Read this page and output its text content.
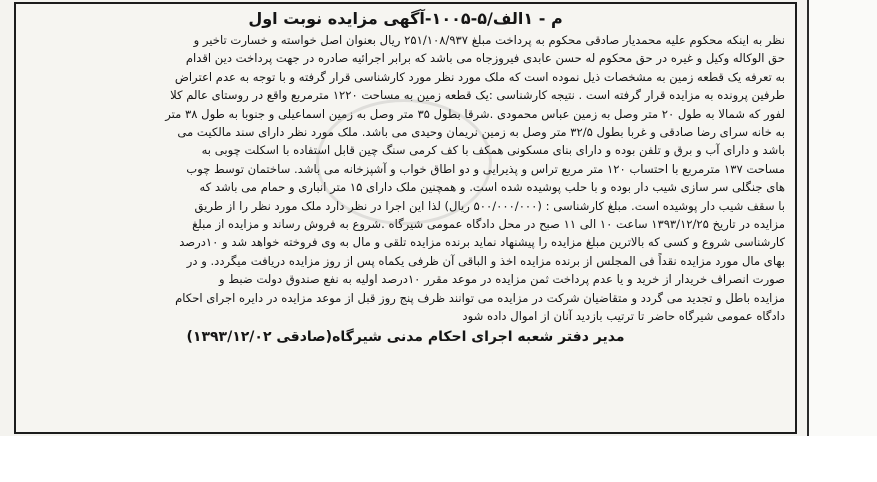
م - ۱الف/۵-۱۰۰۵-آگهی مزایده نوبت اول
نظر به اینکه محکوم علیه محمدیار صادقی محکوم به پرداخت مبلغ ۲۵۱/۱۰۸/۹۳۷ ریال بعنوان اصل خواسته و خسارت تاخیر و
حق الوکاله وکیل و غیره در حق محکوم له حسن عابدی فیروزجاه می باشد که برابر اجرائیه صادره در جهت پرداخت دین اقدام
به تعرفه یک قطعه زمین به مشخصات ذیل نموده است که ملک مورد نظر مورد کارشناسی قرار گرفته و با توجه به عدم اعتراض
طرفین پرونده به مزایده قرار گرفته است . نتیجه کارشناسی :یک قطعه زمین به مساحت ۱۲۲۰ مترمربع واقع در روستای عالم کلا
لفور که شمالا به طول ۲۰ متر وصل به زمین عباس محمودی .شرقا بطول ۳۵ متر وصل به زمین اسماعیلی و جنوبا به طول ۳۸ متر
به خانه سرای رضا صادقی و غربا بطول ۳۲/۵ متر وصل به زمین نریمان وحیدی می باشد. ملک مورد نظر دارای سند مالکیت می
باشد و دارای آب و برق و تلفن بوده و دارای بنای مسکونی همکف با کف کرمی سنگ چین قابل استفاده با اسکلت چوبی به
مساحت ۱۳۷ مترمربع با احتساب ۱۲۰ متر مربع تراس و پذیرایی و دو اطاق خواب و آشپزخانه می باشد. ساختمان توسط چوب
های جنگلی سر سازی شیب دار بوده و با حلب پوشیده شده است. و همچنین ملک دارای ۱۵ متر انباری و حمام می باشد که
با سقف شیب دار پوشیده است. مبلغ کارشناسی : (۵۰۰/۰۰۰/۰۰۰ ریال) لذا این اجرا در نظر دارد ملک مورد نظر را از طریق
مزایده در تاریخ ۱۳۹۳/۱۲/۲۵ ساعت ۱۰ الی ۱۱ صبح در محل دادگاه عمومی شیرگاه .شروع به فروش رساند و مزایده از مبلغ
کارشناسی شروع و کسی که بالاترین مبلغ مزایده را پیشنهاد نماید برنده مزایده تلقی و مال به وی فروخته خواهد شد و ۱۰درصد
بهای مال مورد مزایده نقداً فی المجلس از برنده مزایده اخذ و الباقی آن ظرفی یکماه پس از روز مزایده دریافت میگردد. و در
صورت انصراف خریدار از خرید و یا عدم پرداخت ثمن مزایده در موعد مقرر ۱۰درصد اولیه به نفع صندوق دولت ضبط و
مزایده باطل و تجدید می گردد و متقاضیان شرکت در مزایده می توانند ظرف پنج روز قبل از موعد مزایده در دایره اجرای احکام
دادگاه عمومی شیرگاه حاضر تا ترتیب بازدید آنان از اموال داده شود
مدیر دفتر شعبه اجرای احکام مدنی شیرگاه(صادقی ۱۳۹۳/۱۲/۰۲)
